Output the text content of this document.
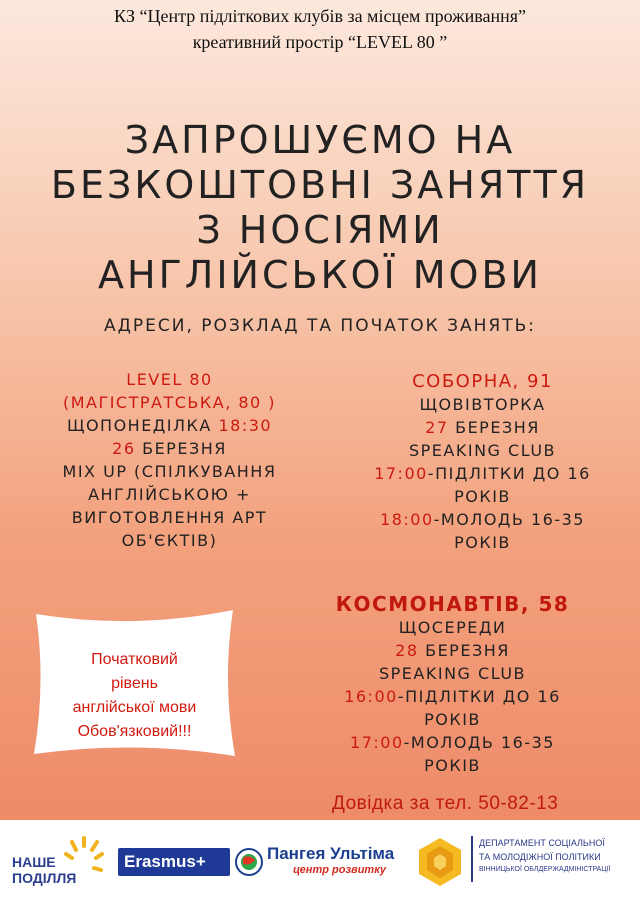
КЗ “Центр підліткових клубів за місцем проживання”
креативний простір “LEVEL 80 ”
ЗАПРОШУЄМО НА
БЕЗКОШТОВНІ ЗАНЯТТЯ
З НОСІЯМИ
АНГЛІЙСЬКОЇ МОВИ
АДРЕСИ, РОЗКЛАД ТА ПОЧАТОК ЗАНЯТЬ:
LEVEL 80
(МАГІСТРАТСЬКА, 80 )
ЩОПОНЕДІЛКА 18:30
26 БЕРЕЗНЯ
MIX UP (СПІЛКУВАННЯ
АНГЛІЙСЬКОЮ +
ВИГОТОВЛЕННЯ АРТ
ОБ'ЄКТІВ)
СОБОРНА, 91
ЩОВІВТОРКА
27 БЕРЕЗНЯ
SPEAKING CLUB
17:00-ПІДЛІТКИ ДО 16
РОКІВ
18:00-МОЛОДЬ 16-35
РОКІВ
КОСМОНАВТІВ, 58
ЩОСЕРЕДИ
28 БЕРЕЗНЯ
SPEAKING CLUB
16:00-ПІДЛІТКИ ДО 16
РОКІВ
17:00-МОЛОДЬ 16-35
РОКІВ
Початковий
рівень
англійської мови
Обов'язковий!!!
Довідка за тел. 50-82-13
НАШЕ
ПОДІЛЛЯ
Erasmus+	Пангея Ультіма
центр розвитку
ДЕПАРТАМЕНТ СОЦІАЛЬНОЇ
ТА МОЛОДІЖНОЇ ПОЛІТИКИ
ВІННИЦЬКОЇ ОБЛДЕРЖАДМІНІСТРАЦІЇ
